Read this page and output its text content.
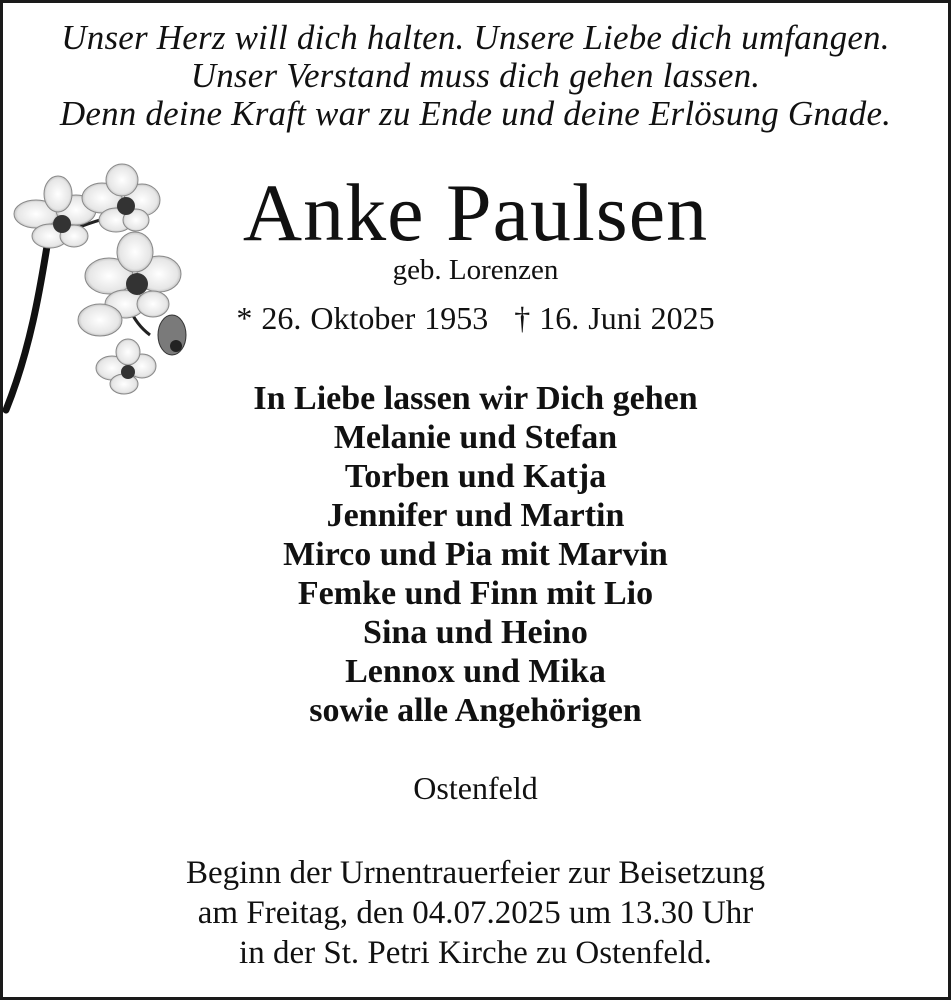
Unser Herz will dich halten. Unsere Liebe dich umfangen.

Unser Verstand muss dich gehen lassen.

Denn deine Kraft war zu Ende und deine Erlösung Gnade.

Anke Paulsen

geb. Lorenzen

* 26. Oktober 1953 † 16. Juni 2025

In Liebe lassen wir Dich gehen

Melanie und Stefan

Torben und Katja

Jennifer und Martin

Mirco und Pia mit Marvin

Femke und Finn mit Lio

Sina und Heino

Lennox und Mika

sowie alle Angehörigen

Ostenfeld

Beginn der Urnentrauerfeier zur Beisetzung

am Freitag, den 04.07.2025 um 13.30 Uhr

in der St. Petri Kirche zu Ostenfeld.
